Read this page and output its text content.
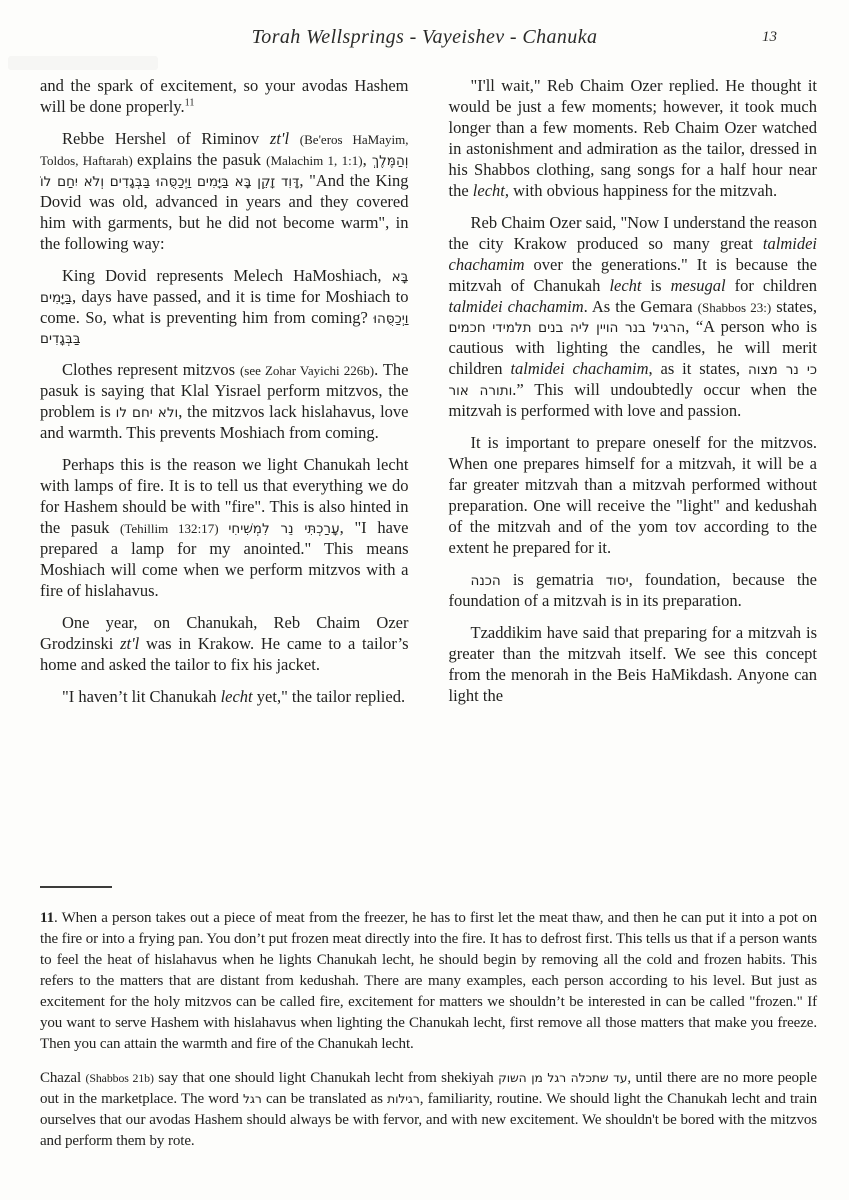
Torah Wellsprings - Vayeishev - Chanuka	13

and the spark of excitement, so your avodas Hashem will be done properly.$^{11}$

Rebbe Hershel of Riminov zt'l (Be'eros HaMayim, Toldos, Haftarah) explains the pasuk (Malachim 1, 1:1), וְהַמֶּלֶךְ דָּוִד זָקֵן בָּא בַּיָּמִים וַיְכַסֻּהוּ בַּבְּגָדִים וְלֹא יִחַם לוֹ, "And the King Dovid was old, advanced in years and they covered him with garments, but he did not become warm", in the following way:

King Dovid represents Melech HaMoshiach, בָּא בַּיָּמִים, days have passed, and it is time for Moshiach to come. So, what is preventing him from coming? וַיְכַסֻּהוּ בַּבְּגָדִים

Clothes represent mitzvos (see Zohar Vayichi 226b). The pasuk is saying that Klal Yisrael perform mitzvos, the problem is ולא יחם לו, the mitzvos lack hislahavus, love and warmth. This prevents Moshiach from coming.

Perhaps this is the reason we light Chanukah lecht with lamps of fire. It is to tell us that everything we do for Hashem should be with "fire". This is also hinted in the pasuk (Tehillim 132:17) עָרַכְתִּי נֵר לִמְשִׁיחִי, "I have prepared a lamp for my anointed." This means Moshiach will come when we perform mitzvos with a fire of hislahavus.

One year, on Chanukah, Reb Chaim Ozer Grodzinski zt'l was in Krakow. He came to a tailor’s home and asked the tailor to fix his jacket.

"I haven’t lit Chanukah lecht yet," the tailor replied.

"I'll wait," Reb Chaim Ozer replied. He thought it would be just a few moments; however, it took much longer than a few moments. Reb Chaim Ozer watched in astonishment and admiration as the tailor, dressed in his Shabbos clothing, sang songs for a half hour near the lecht, with obvious happiness for the mitzvah.

Reb Chaim Ozer said, "Now I understand the reason the city Krakow produced so many great talmidei chachamim over the generations." It is because the mitzvah of Chanukah lecht is mesugal for children talmidei chachamim. As the Gemara (Shabbos 23:) states, הרגיל בנר הויין ליה בנים תלמידי חכמים, “A person who is cautious with lighting the candles, he will merit children talmidei chachamim, as it states, כי נר מצוה ותורה אור.” This will undoubtedly occur when the mitzvah is performed with love and passion.

It is important to prepare oneself for the mitzvos. When one prepares himself for a mitzvah, it will be a far greater mitzvah than a mitzvah performed without preparation. One will receive the "light" and kedushah of the mitzvah and of the yom tov according to the extent he prepared for it.

הכנה is gematria יסוד, foundation, because the foundation of a mitzvah is in its preparation.

Tzaddikim have said that preparing for a mitzvah is greater than the mitzvah itself. We see this concept from the menorah in the Beis HaMikdash. Anyone can light the

11. When a person takes out a piece of meat from the freezer, he has to first let the meat thaw, and then he can put it into a pot on the fire or into a frying pan. You don’t put frozen meat directly into the fire. It has to defrost first. This tells us that if a person wants to feel the heat of hislahavus when he lights Chanukah lecht, he should begin by removing all the cold and frozen habits. This refers to the matters that are distant from kedushah. There are many examples, each person according to his level. But just as excitement for the holy mitzvos can be called fire, excitement for matters we shouldn’t be interested in can be called "frozen." If you want to serve Hashem with hislahavus when lighting the Chanukah lecht, first remove all those matters that make you freeze. Then you can attain the warmth and fire of the Chanukah lecht.

Chazal (Shabbos 21b) say that one should light Chanukah lecht from shekiyah עד שתכלה רגל מן השוק, until there are no more people out in the marketplace. The word רגל can be translated as רגילות, familiarity, routine. We should light the Chanukah lecht and train ourselves that our avodas Hashem should always be with fervor, and with new excitement. We shouldn't be bored with the mitzvos and perform them by rote.
